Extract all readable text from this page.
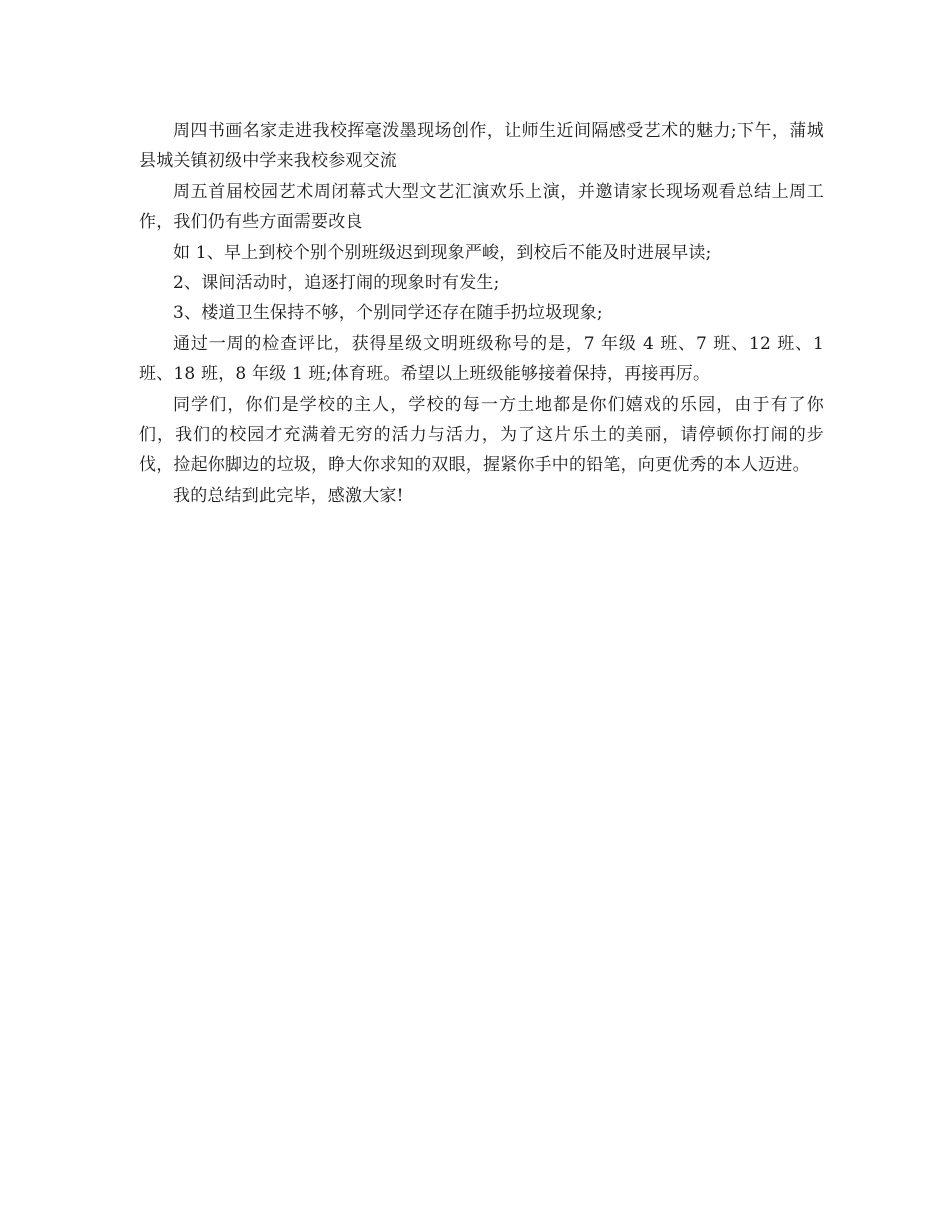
周四书画名家走进我校挥毫泼墨现场创作，让师生近间隔感受艺术的魅力;下午，蒲城县城关镇初级中学来我校参观交流

周五首届校园艺术周闭幕式大型文艺汇演欢乐上演，并邀请家长现场观看总结上周工作，我们仍有些方面需要改良

如 1、早上到校个别个别班级迟到现象严峻，到校后不能及时进展早读;

2、课间活动时，追逐打闹的现象时有发生;

3、楼道卫生保持不够，个别同学还存在随手扔垃圾现象;

通过一周的检查评比，获得星级文明班级称号的是，7 年级 4 班、7 班、12 班、1 班、18 班，8 年级 1 班;体育班。希望以上班级能够接着保持，再接再厉。

同学们，你们是学校的主人，学校的每一方土地都是你们嬉戏的乐园，由于有了你们，我们的校园才充满着无穷的活力与活力，为了这片乐土的美丽，请停顿你打闹的步伐，捡起你脚边的垃圾，睁大你求知的双眼，握紧你手中的铅笔，向更优秀的本人迈进。

我的总结到此完毕，感激大家!
